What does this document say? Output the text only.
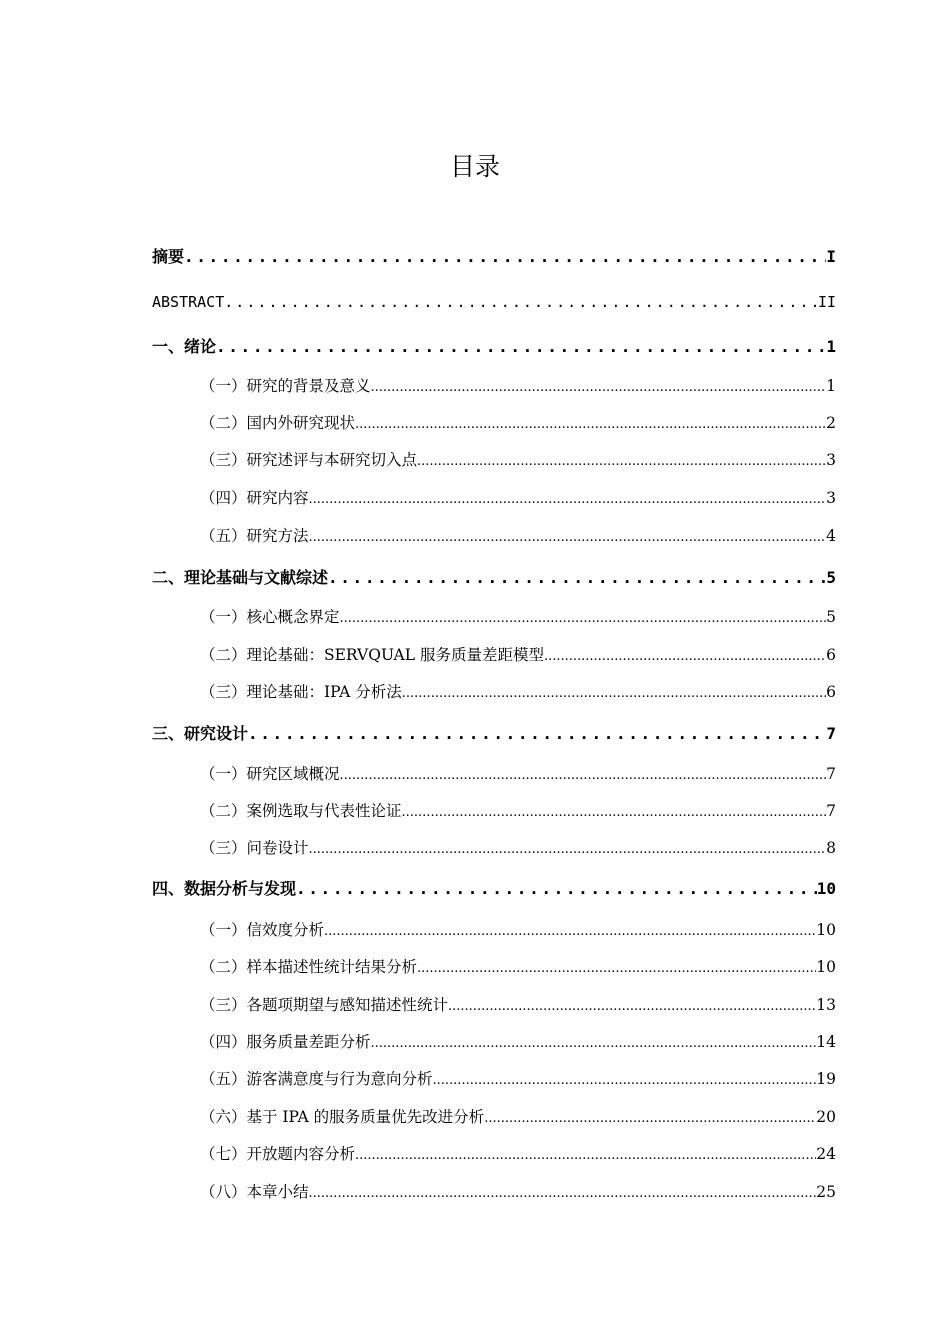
目录
摘要 . . .	I
ABSTRACT . . .	II
一、绪论 . . .	1
（一）研究的背景及意义 .....	1
（二）国内外研究现状 .....	2
（三）研究述评与本研究切入点 .....	3
（四）研究内容 .....	3
（五）研究方法 .....	4
二、理论基础与文献综述 . . .	5
（一）核心概念界定 .....	5
（二）理论基础：SERVQUAL 服务质量差距模型 .....	6
（三）理论基础：IPA 分析法 .....	6
三、研究设计 . . .	7
（一）研究区域概况 .....	7
（二）案例选取与代表性论证 .....	7
（三）问卷设计 .....	8
四、数据分析与发现 . . .	10
（一）信效度分析 .....	10
（二）样本描述性统计结果分析 .....	10
（三）各题项期望与感知描述性统计 .....	13
（四）服务质量差距分析 .....	14
（五）游客满意度与行为意向分析 .....	19
（六）基于 IPA 的服务质量优先改进分析 .....	20
（七）开放题内容分析 .....	24
（八）本章小结 .....	25
